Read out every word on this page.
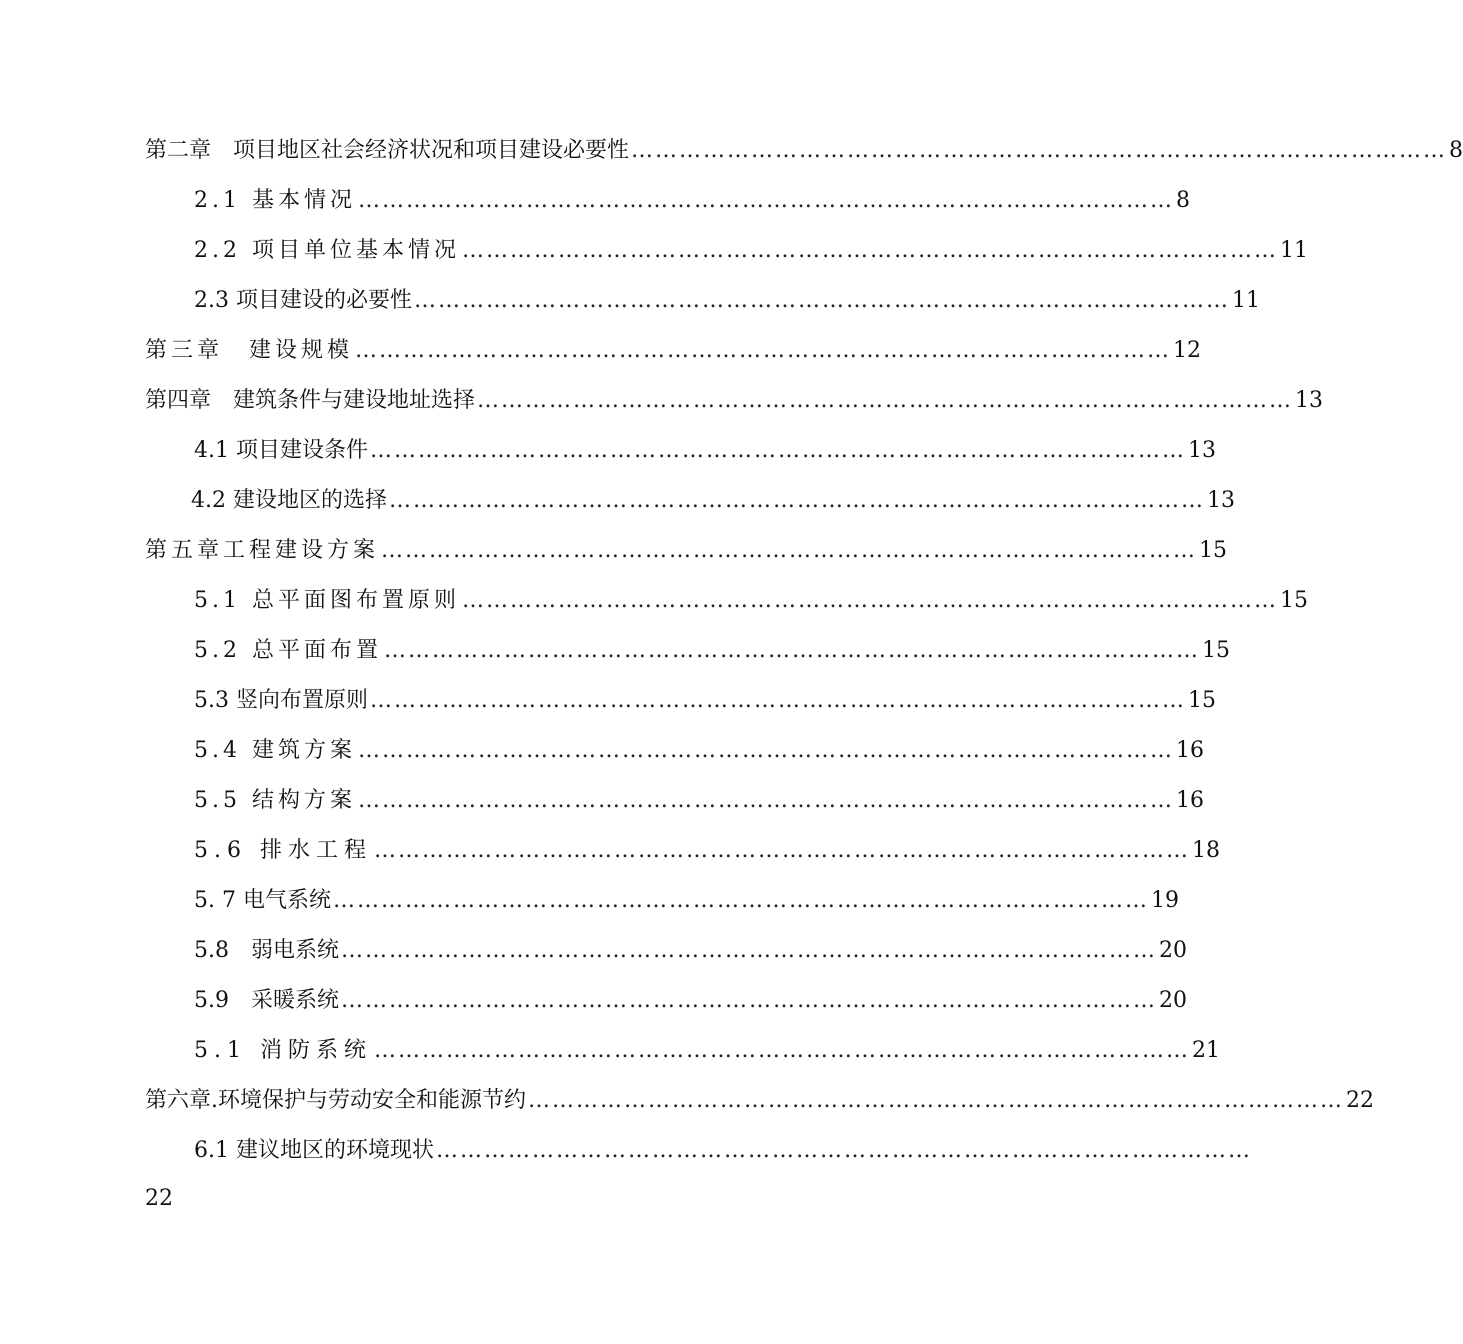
第二章　项目地区社会经济状况和项目建设必要性 ………………………………………………………………………………………… 8
2.1 基本情况 ………………………………………………………………………………………… 8
2.2 项目单位基本情况 ………………………………………………………………………………………… 11
2.3 项目建设的必要性 ………………………………………………………………………………………… 11
第三章　建设规模 ………………………………………………………………………………………… 12
第四章　建筑条件与建设地址选择 ………………………………………………………………………………………… 13
4.1 项目建设条件 ………………………………………………………………………………………… 13
4.2 建设地区的选择 ………………………………………………………………………………………… 13
第五章工程建设方案 ………………………………………………………………………………………… 15
5.1 总平面图布置原则 ………………………………………………………………………………………… 15
5.2 总平面布置 ………………………………………………………………………………………… 15
5.3 竖向布置原则 ………………………………………………………………………………………… 15
5.4 建筑方案 ………………………………………………………………………………………… 16
5.5 结构方案 ………………………………………………………………………………………… 16
5.6 排水工程 ………………………………………………………………………………………… 18
5. 7 电气系统 ………………………………………………………………………………………… 19
5.8　弱电系统 ………………………………………………………………………………………… 20
5.9　采暖系统 ………………………………………………………………………………………… 20
5.1 消防系统 ………………………………………………………………………………………… 21
第六章.环境保护与劳动安全和能源节约 ………………………………………………………………………………………… 22
6.1 建议地区的环境现状 …………………………………………………………………………………………
22
